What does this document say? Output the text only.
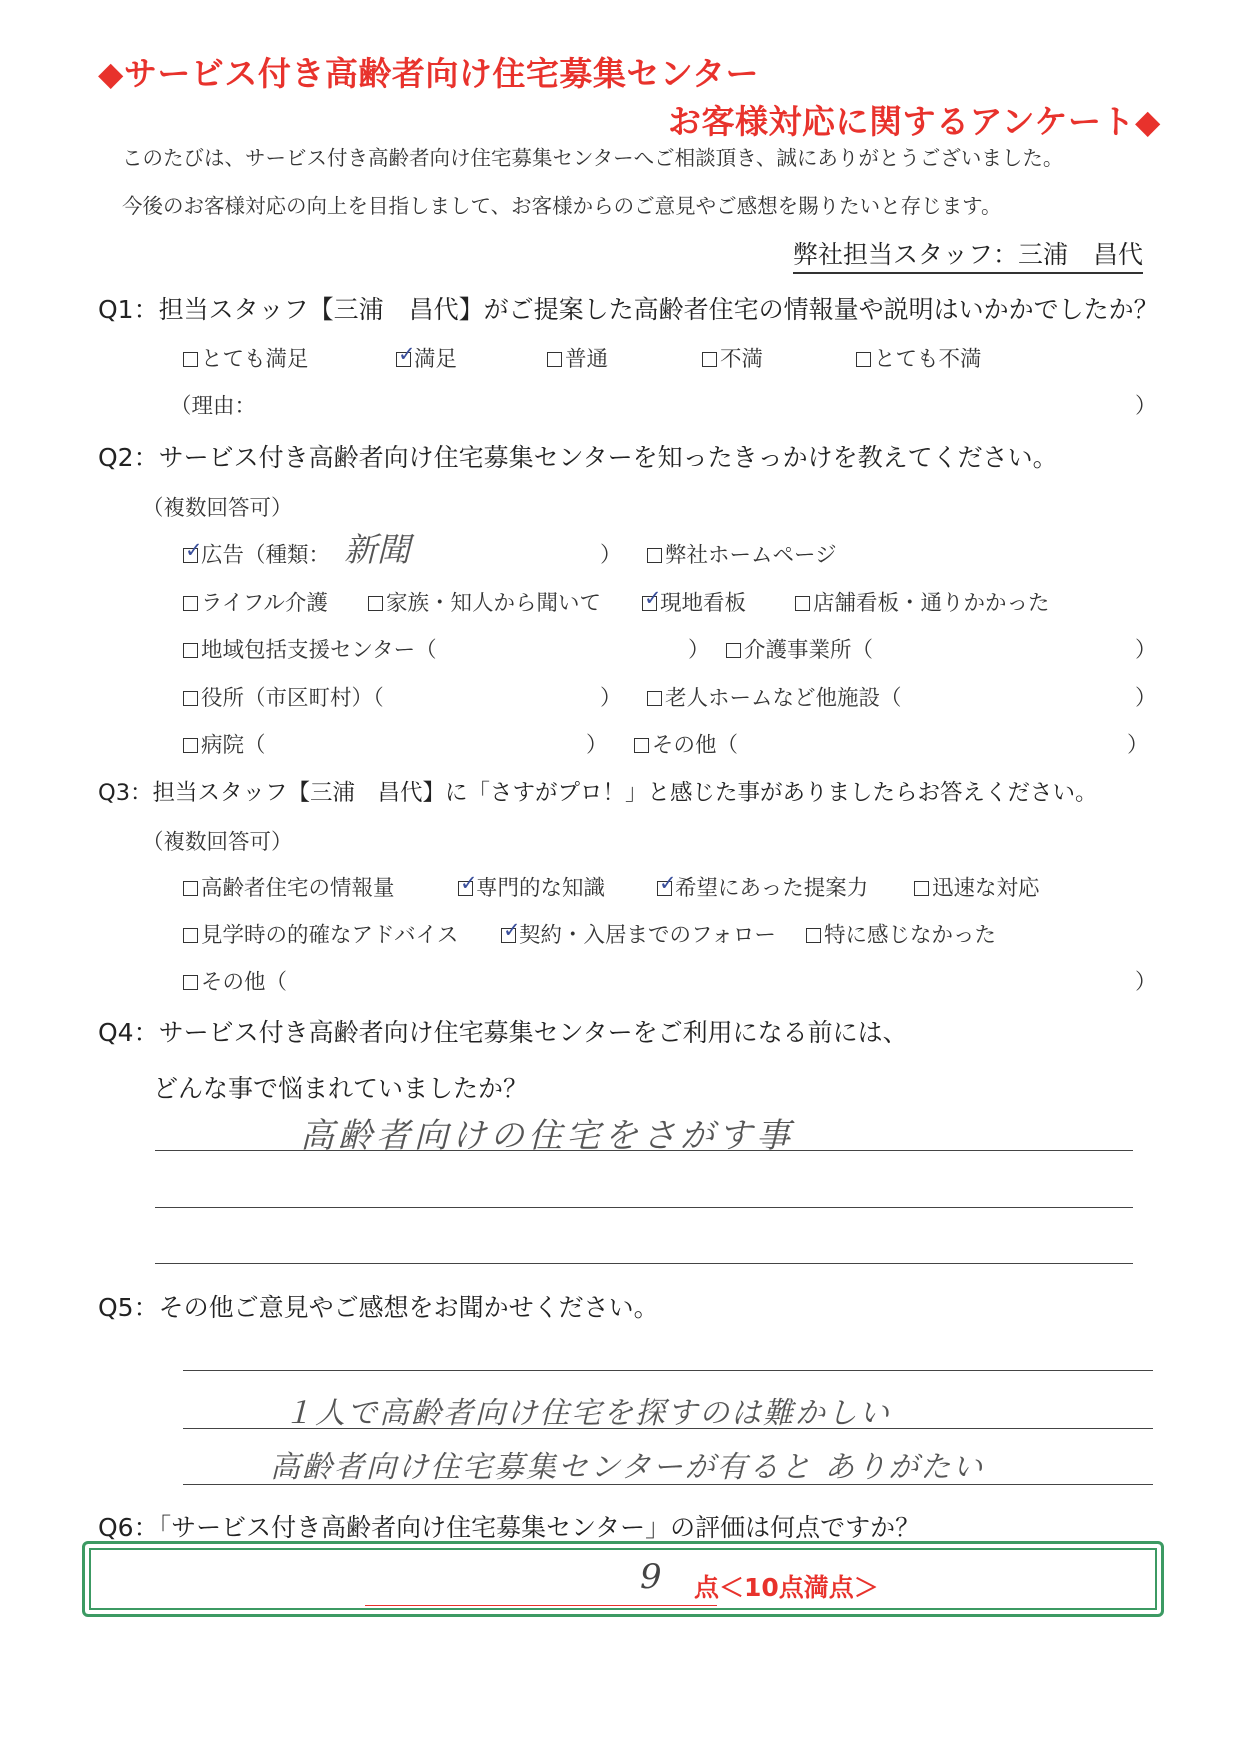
◆サービス付き高齢者向け住宅募集センター
お客様対応に関するアンケート◆
このたびは、サービス付き高齢者向け住宅募集センターへご相談頂き、誠にありがとうございました。
今後のお客様対応の向上を目指しまして、お客様からのご意見やご感想を賜りたいと存じます。
弊社担当スタッフ：三浦　昌代
Q1：担当スタッフ【三浦　昌代】がご提案した高齢者住宅の情報量や説明はいかかでしたか？
とても満足	✓
満足	普通	不満	とても不満
（理由：	）
Q2：サービス付き高齢者向け住宅募集センターを知ったきっかけを教えてください。
（複数回答可）
✓
広告（種類： 新聞	）	弊社ホームページ
ライフル介護	家族・知人から聞いて ✓
現地看板	店舗看板・通りかかった
地域包括支援センター（	）	介護事業所（	）
役所（市区町村）（	）	老人ホームなど他施設（	）
病院（	）	その他（	）
Q3：担当スタッフ【三浦　昌代】に「さすがプロ！」と感じた事がありましたらお答えください。
（複数回答可）
高齢者住宅の情報量	✓
専門的な知識	✓
希望にあった提案力	迅速な対応
見学時の的確なアドバイス ✓
契約・入居までのフォロー	特に感じなかった
その他（	）
Q4：サービス付き高齢者向け住宅募集センターをご利用になる前には、
どんな事で悩まれていましたか？
高齢者向けの住宅をさがす事
Q5：その他ご意見やご感想をお聞かせください。
１人で高齢者向け住宅を探すのは難かしい
高齢者向け住宅募集センターが有ると ありがたい
Q6：「サービス付き高齢者向け住宅募集センター」の評価は何点ですか？
9 点＜10点満点＞
